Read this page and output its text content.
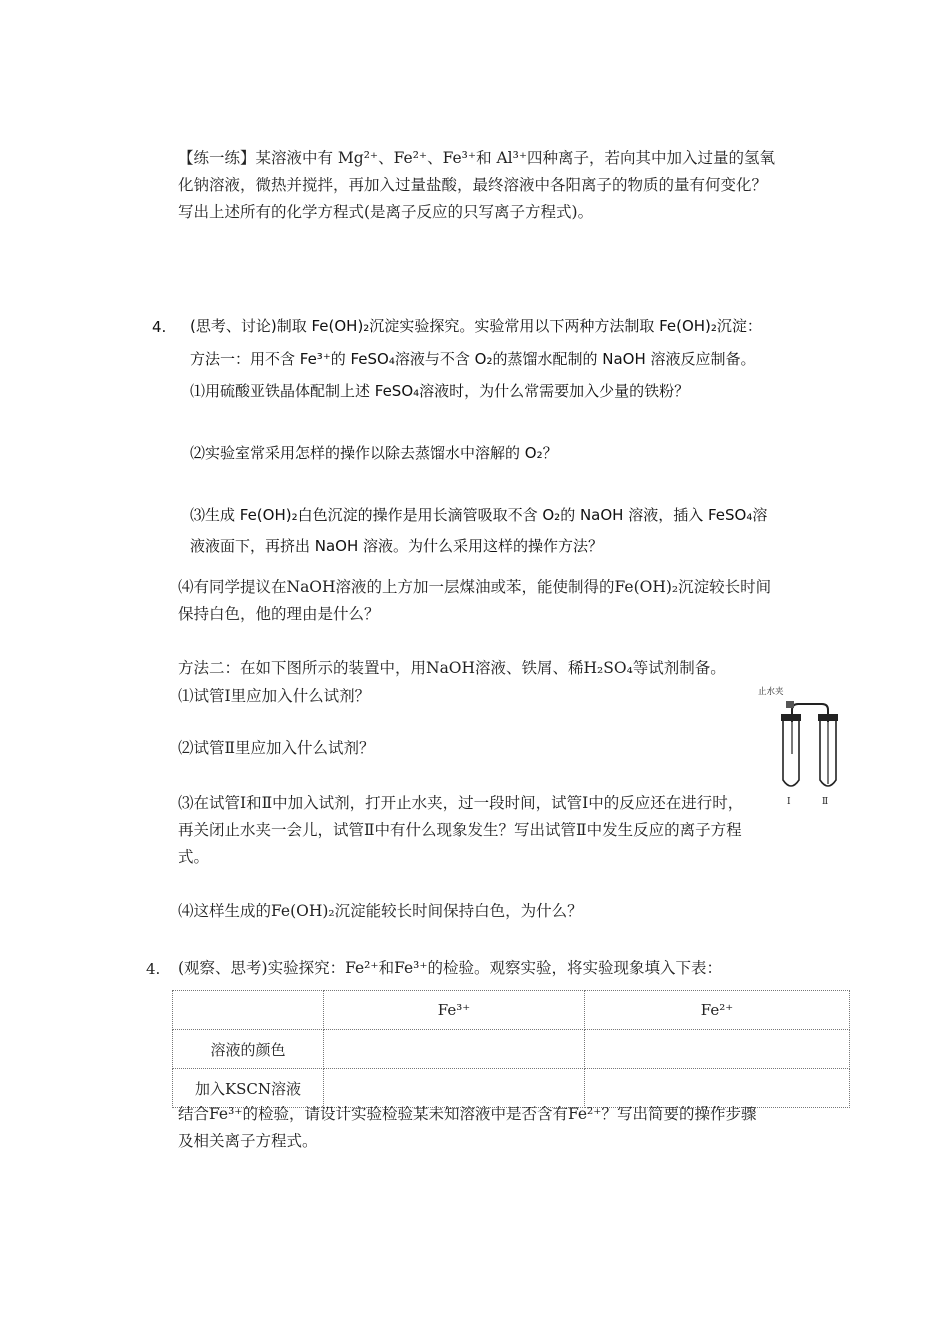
【练一练】某溶液中有 Mg²⁺、Fe²⁺、Fe³⁺和 Al³⁺四种离子，若向其中加入过量的氢氧
化钠溶液，微热并搅拌，再加入过量盐酸，最终溶液中各阳离子的物质的量有何变化？
写出上述所有的化学方程式(是离子反应的只写离子方程式)。
4. (思考、讨论)制取 Fe(OH)₂沉淀实验探究。实验常用以下两种方法制取 Fe(OH)₂沉淀：
方法一：用不含 Fe³⁺的 FeSO₄溶液与不含 O₂的蒸馏水配制的 NaOH 溶液反应制备。
⑴用硫酸亚铁晶体配制上述 FeSO₄溶液时，为什么常需要加入少量的铁粉？
⑵实验室常采用怎样的操作以除去蒸馏水中溶解的 O₂？
⑶生成 Fe(OH)₂白色沉淀的操作是用长滴管吸取不含 O₂的 NaOH 溶液，插入 FeSO₄溶
液液面下，再挤出 NaOH 溶液。为什么采用这样的操作方法？
⑷有同学提议在NaOH溶液的上方加一层煤油或苯，能使制得的Fe(OH)₂沉淀较长时间
保持白色，他的理由是什么？
方法二：在如下图所示的装置中，用NaOH溶液、铁屑、稀H₂SO₄等试剂制备。
⑴试管Ⅰ里应加入什么试剂？
⑵试管Ⅱ里应加入什么试剂？
⑶在试管Ⅰ和Ⅱ中加入试剂，打开止水夹，过一段时间，试管Ⅰ中的反应还在进行时，
再关闭止水夹一会儿，试管Ⅱ中有什么现象发生？写出试管Ⅱ中发生反应的离子方程
式。
⑷这样生成的Fe(OH)₂沉淀能较长时间保持白色，为什么？
止水夹
Ⅰ	Ⅱ
4. (观察、思考)实验探究：Fe²⁺和Fe³⁺的检验。观察实验，将实验现象填入下表：
	Fe³⁺	Fe²⁺
溶液的颜色		
加入KSCN溶液		
结合Fe³⁺的检验，请设计实验检验某未知溶液中是否含有Fe²⁺？写出简要的操作步骤
及相关离子方程式。
